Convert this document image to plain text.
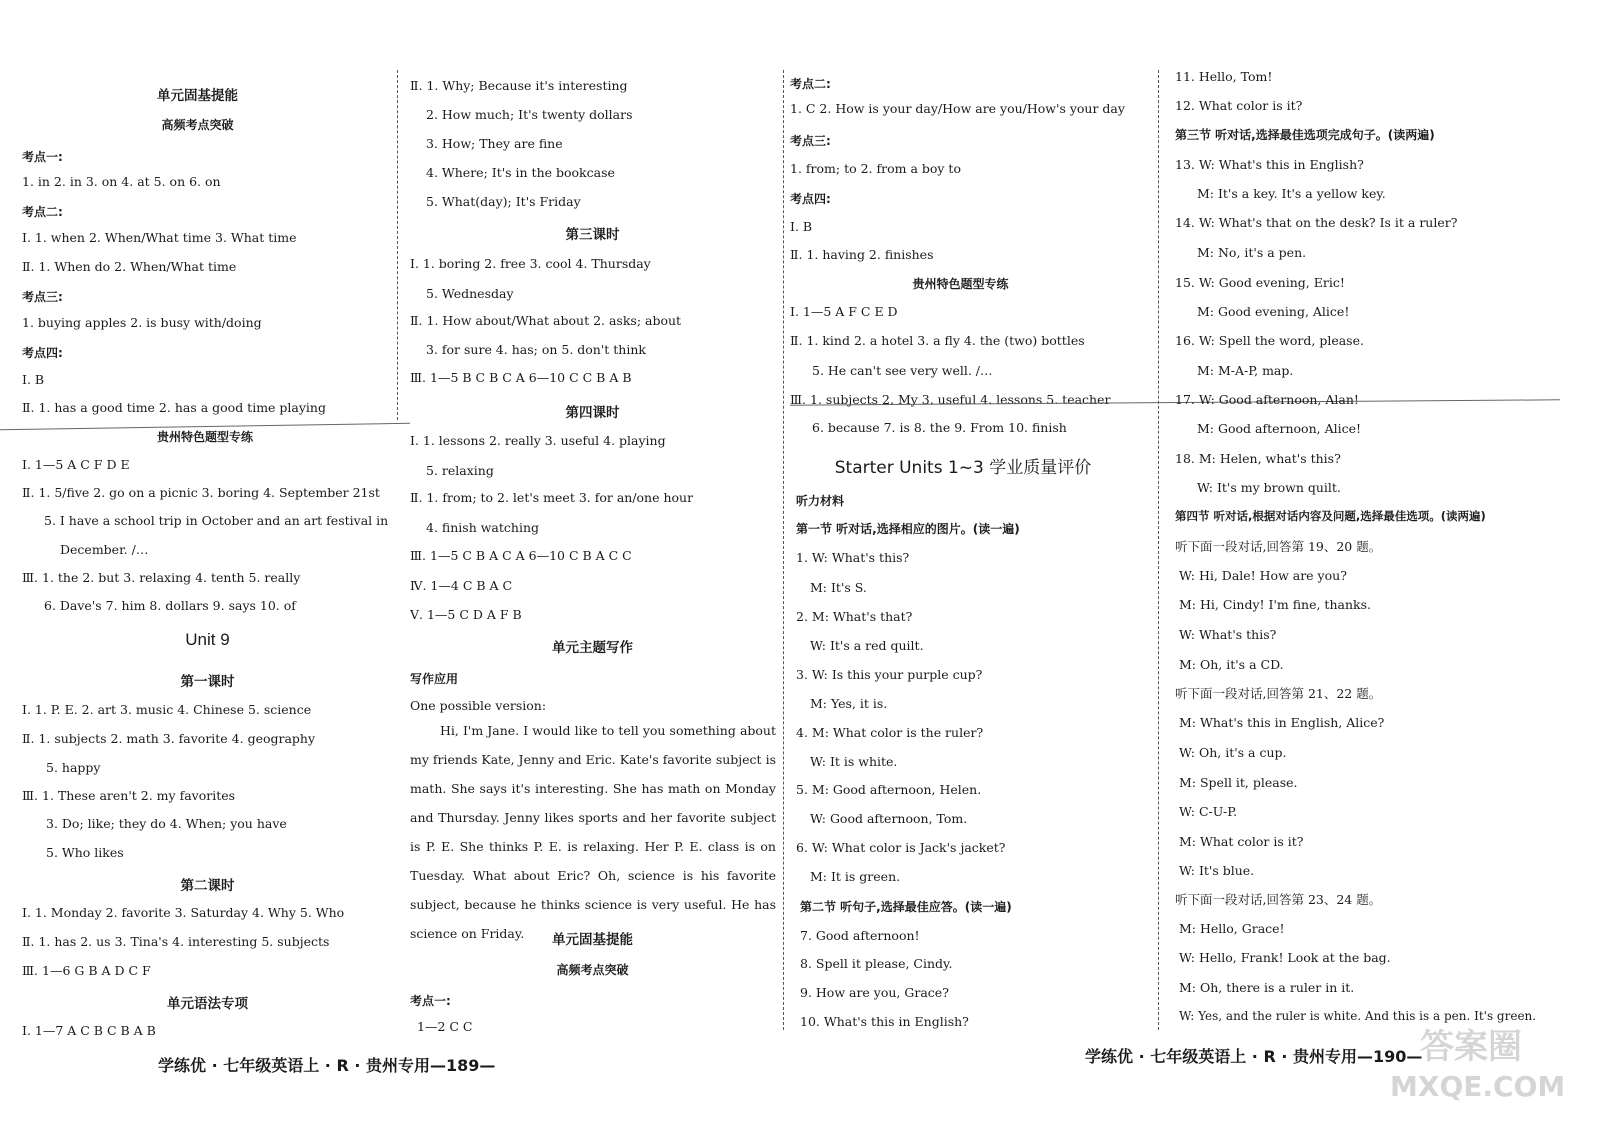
单元固基提能
高频考点突破
考点一:
1. in 2. in 3. on 4. at 5. on 6. on
考点二:
Ⅰ. 1. when 2. When/What time 3. What time
Ⅱ. 1. When do 2. When/What time
考点三:
1. buying apples 2. is busy with/doing
考点四:
Ⅰ. B
Ⅱ. 1. has a good time 2. has a good time playing
贵州特色题型专练
Ⅰ. 1—5 A C F D E
Ⅱ. 1. 5/five 2. go on a picnic 3. boring 4. September 21st
5. I have a school trip in October and an art festival in
December. /…
Ⅲ. 1. the 2. but 3. relaxing 4. tenth 5. really
6. Dave's 7. him 8. dollars 9. says 10. of
Unit 9
第一课时
Ⅰ. 1. P. E. 2. art 3. music 4. Chinese 5. science
Ⅱ. 1. subjects 2. math 3. favorite 4. geography
5. happy
Ⅲ. 1. These aren't 2. my favorites
3. Do; like; they do 4. When; you have
5. Who likes
第二课时
Ⅰ. 1. Monday 2. favorite 3. Saturday 4. Why 5. Who
Ⅱ. 1. has 2. us 3. Tina's 4. interesting 5. subjects
Ⅲ. 1—6 G B A D C F
单元语法专项
Ⅰ. 1—7 A C B C B A B
Ⅱ. 1. Why; Because it's interesting
2. How much; It's twenty dollars
3. How; They are fine
4. Where; It's in the bookcase
5. What(day); It's Friday
第三课时
Ⅰ. 1. boring 2. free 3. cool 4. Thursday
5. Wednesday
Ⅱ. 1. How about/What about 2. asks; about
3. for sure 4. has; on 5. don't think
Ⅲ. 1—5 B C B C A 6—10 C C B A B
第四课时
Ⅰ. 1. lessons 2. really 3. useful 4. playing
5. relaxing
Ⅱ. 1. from; to 2. let's meet 3. for an/one hour
4. finish watching
Ⅲ. 1—5 C B A C A 6—10 C B A C C
Ⅳ. 1—4 C B A C
Ⅴ. 1—5 C D A F B
单元主题写作
写作应用
One possible version:
Hi, I'm Jane. I would like to tell you something about my friends Kate, Jenny and Eric. Kate's favorite subject is math. She says it's interesting. She has math on Monday and Thursday. Jenny likes sports and her favorite subject is P. E. She thinks P. E. is relaxing. Her P. E. class is on Tuesday. What about Eric? Oh, science is his favorite subject, because he thinks science is very useful. He has science on Friday.	单元固基提能
高频考点突破
考点一:
1—2 C C
考点二:
1. C 2. How is your day/How are you/How's your day
考点三:
1. from; to 2. from a boy to
考点四:
Ⅰ. B
Ⅱ. 1. having 2. finishes
贵州特色题型专练
Ⅰ. 1—5 A F C E D
Ⅱ. 1. kind 2. a hotel 3. a fly 4. the (two) bottles
5. He can't see very well. /…
Ⅲ. 1. subjects 2. My 3. useful 4. lessons 5. teacher
6. because 7. is 8. the 9. From 10. finish
Starter Units 1~3 学业质量评价
听力材料
第一节 听对话,选择相应的图片。(读一遍)
1. W: What's this?
M: It's S.
2. M: What's that?
W: It's a red quilt.
3. W: Is this your purple cup?
M: Yes, it is.
4. M: What color is the ruler?
W: It is white.
5. M: Good afternoon, Helen.
W: Good afternoon, Tom.
6. W: What color is Jack's jacket?
M: It is green.
第二节 听句子,选择最佳应答。(读一遍)
7. Good afternoon!
8. Spell it please, Cindy.
9. How are you, Grace?
10. What's this in English?
11. Hello, Tom!
12. What color is it?
第三节 听对话,选择最佳选项完成句子。(读两遍)
13. W: What's this in English?
M: It's a key. It's a yellow key.
14. W: What's that on the desk? Is it a ruler?
M: No, it's a pen.
15. W: Good evening, Eric!
M: Good evening, Alice!
16. W: Spell the word, please.
M: M-A-P, map.
17. W: Good afternoon, Alan!
M: Good afternoon, Alice!
18. M: Helen, what's this?
W: It's my brown quilt.
第四节 听对话,根据对话内容及问题,选择最佳选项。(读两遍)
听下面一段对话,回答第 19、20 题。
W: Hi, Dale! How are you?
M: Hi, Cindy! I'm fine, thanks.
W: What's this?
M: Oh, it's a CD.
听下面一段对话,回答第 21、22 题。
M: What's this in English, Alice?
W: Oh, it's a cup.
M: Spell it, please.
W: C-U-P.
M: What color is it?
W: It's blue.
听下面一段对话,回答第 23、24 题。
M: Hello, Grace!
W: Hello, Frank! Look at the bag.
M: Oh, there is a ruler in it.
W: Yes, and the ruler is white. And this is a pen. It's green.
学练优 · 七年级英语上 · R · 贵州专用—189—	学练优 · 七年级英语上 · R · 贵州专用—190—
答案圈
MXQE.COM
